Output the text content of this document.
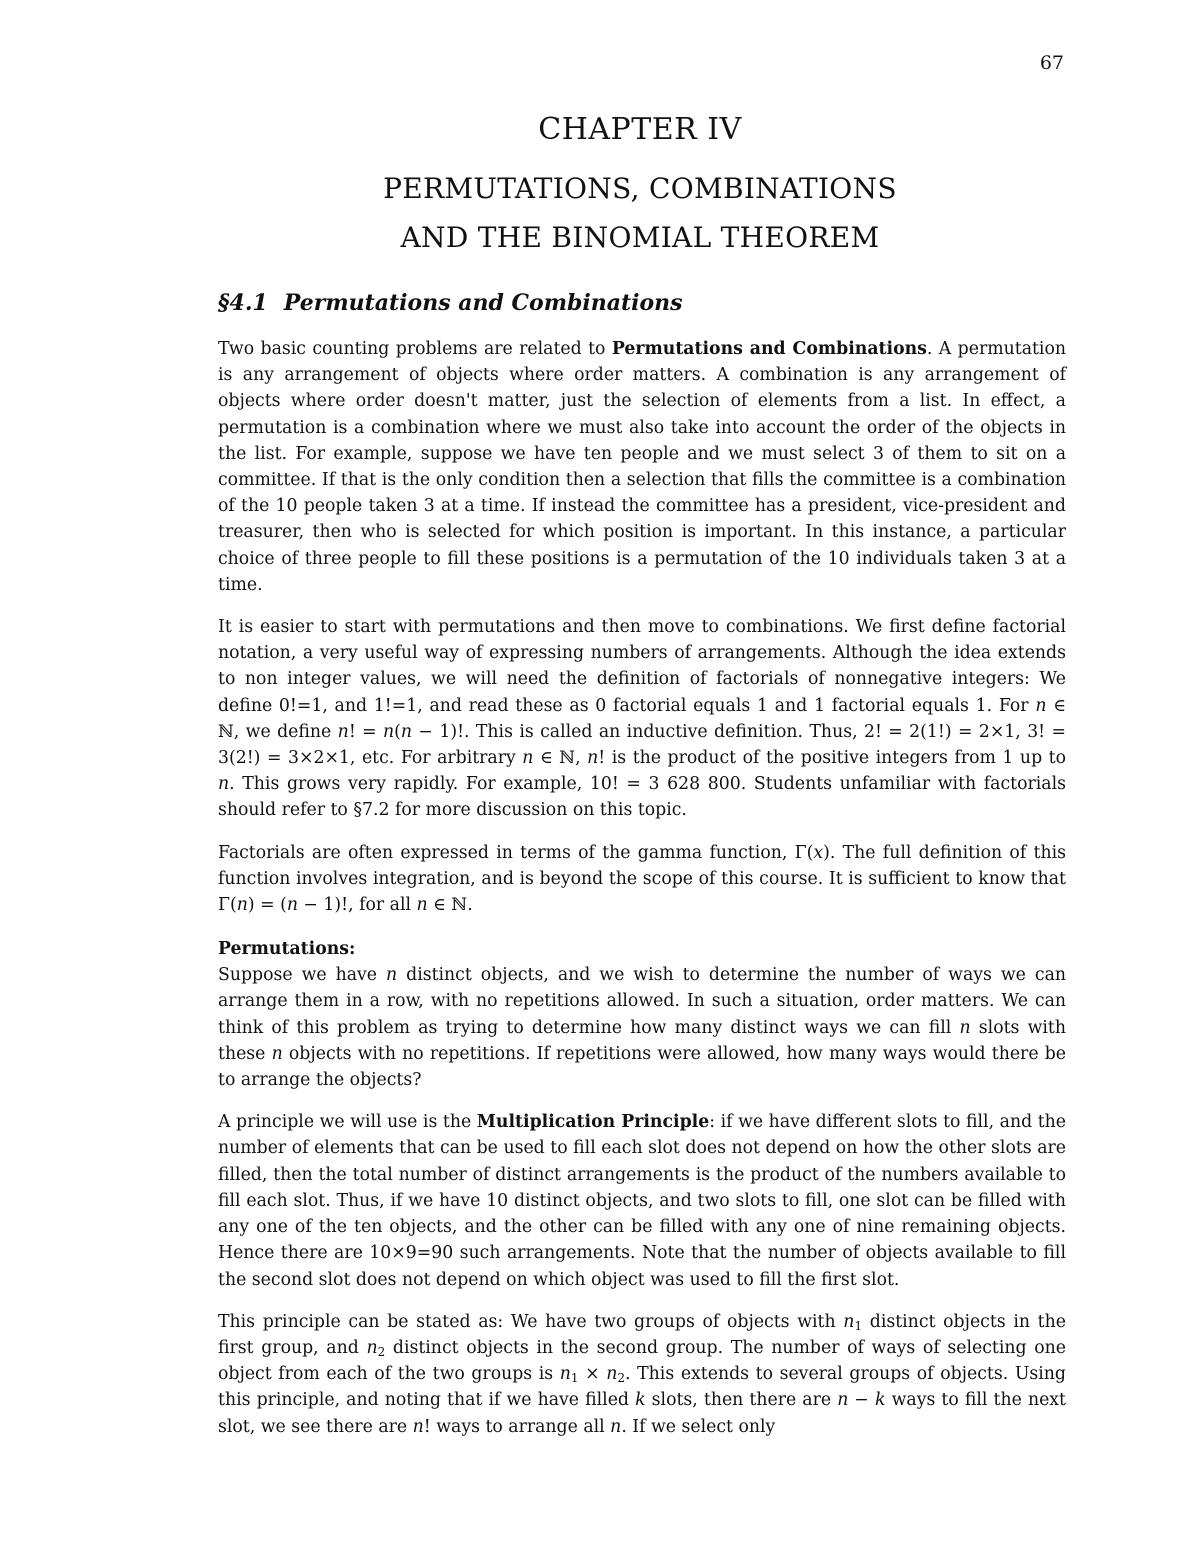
67
CHAPTER IV
PERMUTATIONS, COMBINATIONS
AND THE BINOMIAL THEOREM
§4.1 Permutations and Combinations

Two basic counting problems are related to Permutations and Combinations. A permutation is any arrangement of objects where order matters. A combination is any arrangement of objects where order doesn't matter, just the selection of elements from a list. In effect, a permutation is a combination where we must also take into account the order of the objects in the list. For example, suppose we have ten people and we must select 3 of them to sit on a committee. If that is the only condition then a selection that fills the committee is a combination of the 10 people taken 3 at a time. If instead the committee has a president, vice-president and treasurer, then who is selected for which position is important. In this instance, a particular choice of three people to fill these positions is a permutation of the 10 individuals taken 3 at a time.

It is easier to start with permutations and then move to combinations. We first define factorial notation, a very useful way of expressing numbers of arrangements. Although the idea extends to non integer values, we will need the definition of factorials of nonnegative integers: We define 0!=1, and 1!=1, and read these as 0 factorial equals 1 and 1 factorial equals 1. For n ∈ ℕ, we define n! = n(n − 1)!. This is called an inductive definition. Thus, 2! = 2(1!) = 2×1, 3! = 3(2!) = 3×2×1, etc. For arbitrary n ∈ ℕ, n! is the product of the positive integers from 1 up to n. This grows very rapidly. For example, 10! = 3 628 800. Students unfamiliar with factorials should refer to §7.2 for more discussion on this topic.

Factorials are often expressed in terms of the gamma function, Γ(x). The full definition of this function involves integration, and is beyond the scope of this course. It is sufficient to know that Γ(n) = (n − 1)!, for all n ∈ ℕ.

Permutations:

Suppose we have n distinct objects, and we wish to determine the number of ways we can arrange them in a row, with no repetitions allowed. In such a situation, order matters. We can think of this problem as trying to determine how many distinct ways we can fill n slots with these n objects with no repetitions. If repetitions were allowed, how many ways would there be to arrange the objects?

A principle we will use is the Multiplication Principle: if we have different slots to fill, and the number of elements that can be used to fill each slot does not depend on how the other slots are filled, then the total number of distinct arrangements is the product of the numbers available to fill each slot. Thus, if we have 10 distinct objects, and two slots to fill, one slot can be filled with any one of the ten objects, and the other can be filled with any one of nine remaining objects. Hence there are 10×9=90 such arrangements. Note that the number of objects available to fill the second slot does not depend on which object was used to fill the first slot.

This principle can be stated as: We have two groups of objects with $n_1$ distinct objects in the first group, and $n_2$ distinct objects in the second group. The number of ways of selecting one object from each of the two groups is $n_1 \times n_2$. This extends to several groups of objects. Using this principle, and noting that if we have filled k slots, then there are n − k ways to fill the next slot, we see there are n! ways to arrange all n. If we select only
